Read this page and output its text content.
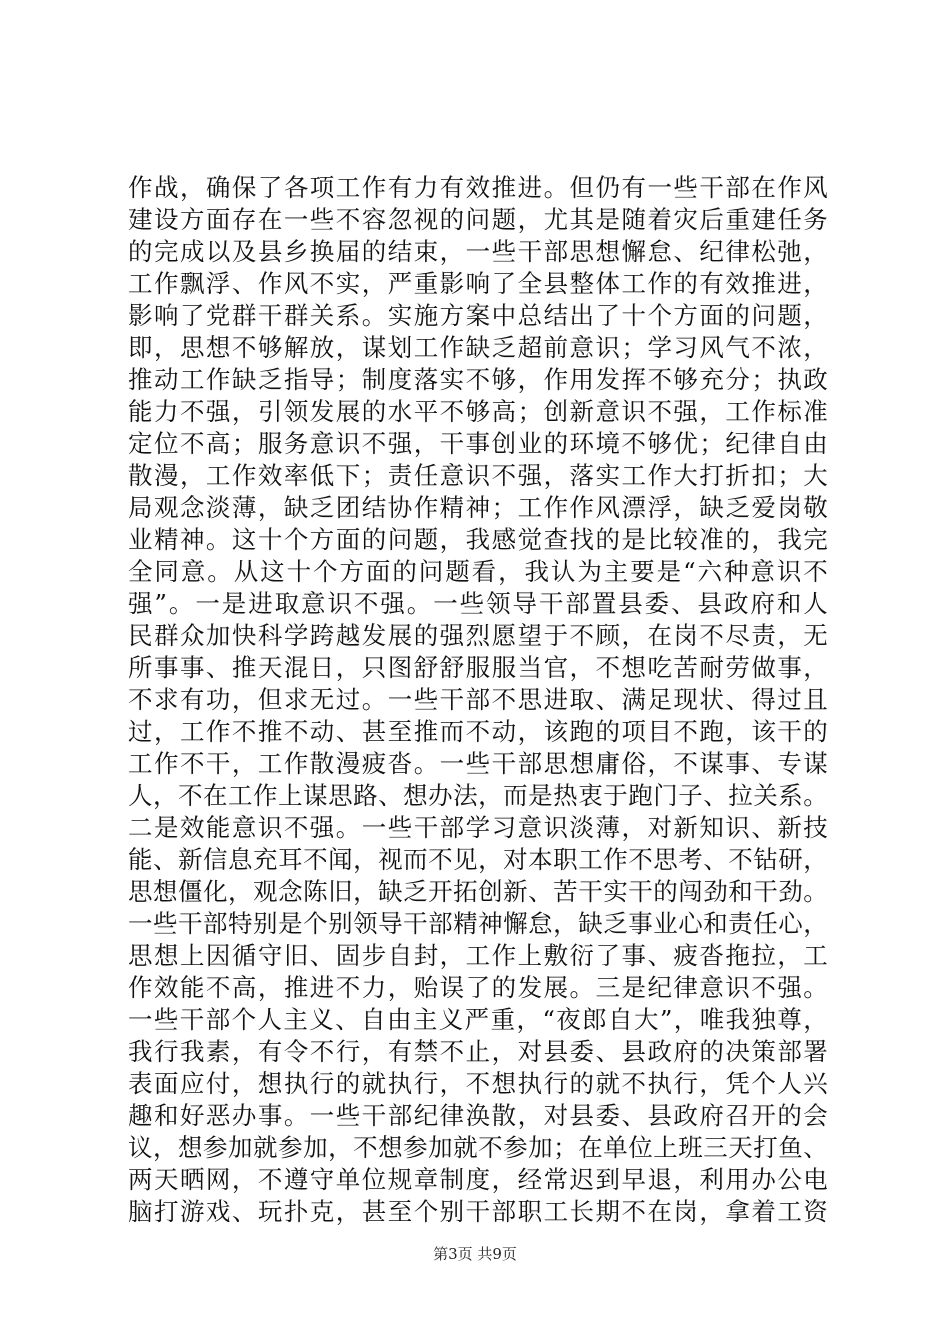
作战，确保了各项工作有力有效推进。但仍有一些干部在作风
建设方面存在一些不容忽视的问题，尤其是随着灾后重建任务
的完成以及县乡换届的结束，一些干部思想懈怠、纪律松弛，
工作飘浮、作风不实，严重影响了全县整体工作的有效推进，
影响了党群干群关系。实施方案中总结出了十个方面的问题，
即，思想不够解放，谋划工作缺乏超前意识；学习风气不浓，
推动工作缺乏指导；制度落实不够，作用发挥不够充分；执政
能力不强，引领发展的水平不够高；创新意识不强，工作标准
定位不高；服务意识不强，干事创业的环境不够优；纪律自由
散漫，工作效率低下；责任意识不强，落实工作大打折扣；大
局观念淡薄，缺乏团结协作精神；工作作风漂浮，缺乏爱岗敬
业精神。这十个方面的问题，我感觉查找的是比较准的，我完
全同意。从这十个方面的问题看，我认为主要是“六种意识不
强”。一是进取意识不强。一些领导干部置县委、县政府和人
民群众加快科学跨越发展的强烈愿望于不顾，在岗不尽责，无
所事事、推天混日，只图舒舒服服当官，不想吃苦耐劳做事，
不求有功，但求无过。一些干部不思进取、满足现状、得过且
过，工作不推不动、甚至推而不动，该跑的项目不跑，该干的
工作不干，工作散漫疲沓。一些干部思想庸俗，不谋事、专谋
人，不在工作上谋思路、想办法，而是热衷于跑门子、拉关系。
二是效能意识不强。一些干部学习意识淡薄，对新知识、新技
能、新信息充耳不闻，视而不见，对本职工作不思考、不钻研，
思想僵化，观念陈旧，缺乏开拓创新、苦干实干的闯劲和干劲。
一些干部特别是个别领导干部精神懈怠，缺乏事业心和责任心，
思想上因循守旧、固步自封，工作上敷衍了事、疲沓拖拉，工
作效能不高，推进不力，贻误了的发展。三是纪律意识不强。
一些干部个人主义、自由主义严重，“夜郎自大”，唯我独尊，
我行我素，有令不行，有禁不止，对县委、县政府的决策部署
表面应付，想执行的就执行，不想执行的就不执行，凭个人兴
趣和好恶办事。一些干部纪律涣散，对县委、县政府召开的会
议，想参加就参加，不想参加就不参加；在单位上班三天打鱼、
两天晒网，不遵守单位规章制度，经常迟到早退，利用办公电
脑打游戏、玩扑克，甚至个别干部职工长期不在岗，拿着工资
第3页 共9页
